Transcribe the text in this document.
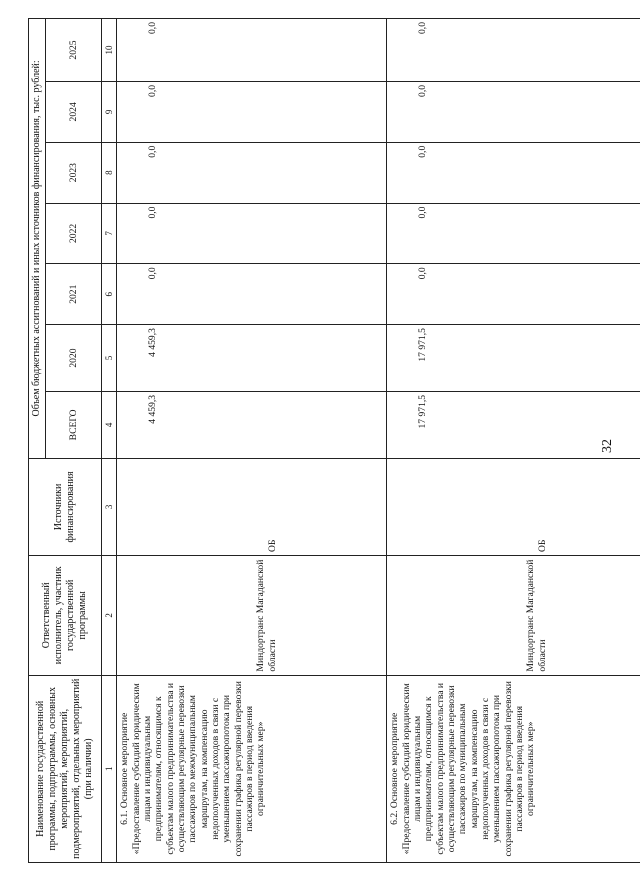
32
Наименование государственной программы, подпрограммы, основных мероприятий, мероприятий, подмероприятий, отдельных мероприятий (при наличии)	Ответственный исполнитель, участник государственной программы	Источники финансирования	Объем бюджетных ассигнований и иных источников финансирования, тыс. рублей:						
			ВСЕГО	2020	2021	2022	2023	2024	2025
1	2	3	4	5	6	7	8	9	10
6.1. Основное мероприятие «Предоставление субсидий юридическим лицам и индивидуальным предпринимателям, относящимся к субъектам малого предпринимательства и осуществляющим регулярные перевозки пассажиров по межмуниципальным маршрутам, на компенсацию недополученных доходов в связи с уменьшением пассажиропотока при сохранении графика регулярной перевозки пассажиров в период введения ограничительных мер»	Миндортранс Магаданской области	ОБ	4 459,3	4 459,3	0,0	0,0	0,0	0,0	0,0
6.2. Основное мероприятие «Предоставление субсидий юридическим лицам и индивидуальным предпринимателям, относящимся к субъектам малого предпринимательства и осуществляющим регулярные перевозки пассажиров по муниципальным маршрутам, на компенсацию недополученных доходов в связи с уменьшением пассажиропотока при сохранении графика регулярной перевозки пассажиров в период введения ограничительных мер»	Миндортранс Магаданской области	ОБ	17 971,5	17 971,5	0,0	0,0	0,0	0,0	0,0
